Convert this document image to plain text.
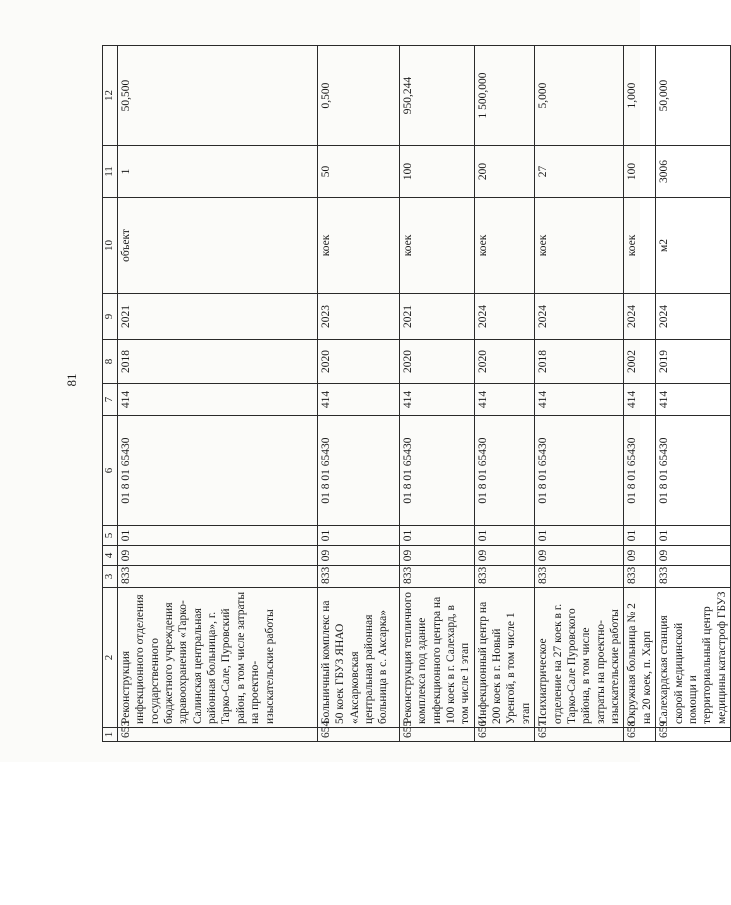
81
1	2	3	4	5	6	7	8	9	10	11	12
653	Реконструкция инфекционного отделения государственного бюджетного учреждения здравоохранения «Тарко-Салинская центральная районная больница», г. Тарко-Сале, Пуровский район, в том числе затраты на проектно-изыскательские работы	833	09	01	01 8 01 65430	414	2018	2021	объект	1	50,500
654	Больничный комплекс на 50 коек ГБУЗ ЯНАО «Аксарковская центральная районная больница в с. Аксарка»	833	09	01	01 8 01 65430	414	2020	2023	коек	50	0,500
655	Реконструкция тепличного комплекса под здание инфекционного центра на 100 коек в г. Салехард, в том числе 1 этап	833	09	01	01 8 01 65430	414	2020	2021	коек	100	950,244
656	Инфекционный центр на 200 коек в г. Новый Уренгой, в том числе 1 этап	833	09	01	01 8 01 65430	414	2020	2024	коек	200	1 500,000
657	Психиатрическое отделение на 27 коек в г. Тарко-Сале Пуровского района, в том числе затраты на проектно-изыскательские работы	833	09	01	01 8 01 65430	414	2018	2024	коек	27	5,000
658	Окружная больница № 2 на 20 коек, п. Харп	833	09	01	01 8 01 65430	414	2002	2024	коек	100	1,000
659	Салехардская станция скорой медицинской помощи и территориальный центр медицины катастроф ГБУЗ	833	09	01	01 8 01 65430	414	2019	2024	м2	3006	50,000
